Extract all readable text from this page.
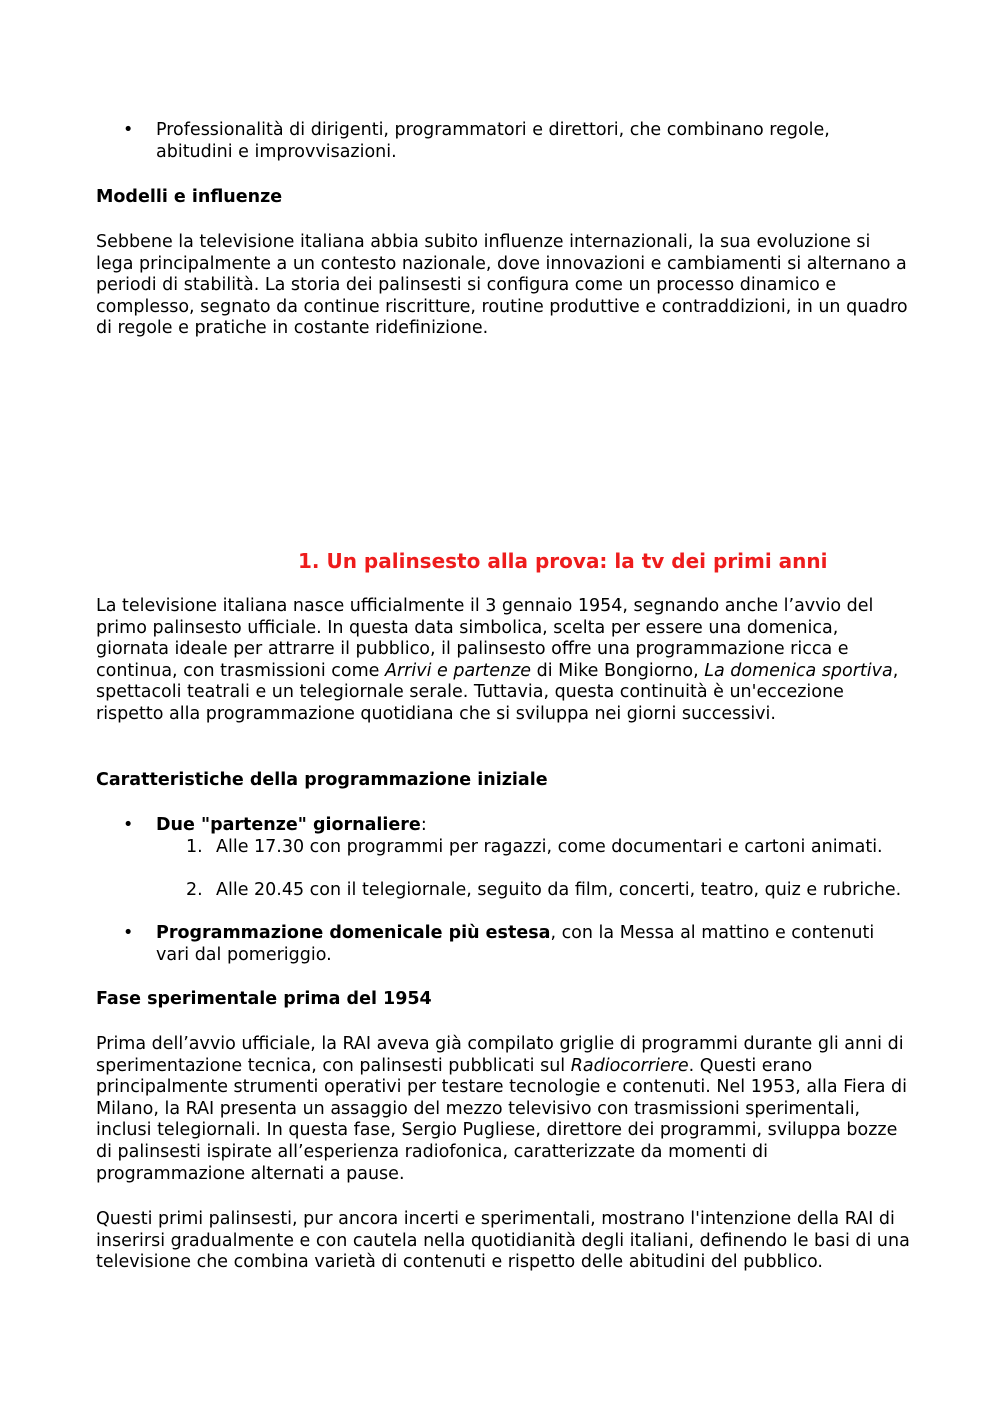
• Professionalità di dirigenti, programmatori e direttori, che combinano regole, abitudini e improvvisazioni.

Modelli e influenze

Sebbene la televisione italiana abbia subito influenze internazionali, la sua evoluzione si lega principalmente a un contesto nazionale, dove innovazioni e cambiamenti si alternano a periodi di stabilità. La storia dei palinsesti si configura come un processo dinamico e complesso, segnato da continue riscritture, routine produttive e contraddizioni, in un quadro di regole e pratiche in costante ridefinizione.

1. Un palinsesto alla prova: la tv dei primi anni

La televisione italiana nasce ufficialmente il 3 gennaio 1954, segnando anche l’avvio del primo palinsesto ufficiale. In questa data simbolica, scelta per essere una domenica, giornata ideale per attrarre il pubblico, il palinsesto offre una programmazione ricca e continua, con trasmissioni come Arrivi e partenze di Mike Bongiorno, La domenica sportiva, spettacoli teatrali e un telegiornale serale. Tuttavia, questa continuità è un'eccezione rispetto alla programmazione quotidiana che si sviluppa nei giorni successivi.

Caratteristiche della programmazione iniziale

• Due "partenze" giornaliere:

1. Alle 17.30 con programmi per ragazzi, come documentari e cartoni animati.

2. Alle 20.45 con il telegiornale, seguito da film, concerti, teatro, quiz e rubriche.

• Programmazione domenicale più estesa, con la Messa al mattino e contenuti vari dal pomeriggio.

Fase sperimentale prima del 1954

Prima dell’avvio ufficiale, la RAI aveva già compilato griglie di programmi durante gli anni di sperimentazione tecnica, con palinsesti pubblicati sul Radiocorriere. Questi erano principalmente strumenti operativi per testare tecnologie e contenuti. Nel 1953, alla Fiera di Milano, la RAI presenta un assaggio del mezzo televisivo con trasmissioni sperimentali, inclusi telegiornali. In questa fase, Sergio Pugliese, direttore dei programmi, sviluppa bozze di palinsesti ispirate all’esperienza radiofonica, caratterizzate da momenti di programmazione alternati a pause.

Questi primi palinsesti, pur ancora incerti e sperimentali, mostrano l'intenzione della RAI di inserirsi gradualmente e con cautela nella quotidianità degli italiani, definendo le basi di una televisione che combina varietà di contenuti e rispetto delle abitudini del pubblico.
